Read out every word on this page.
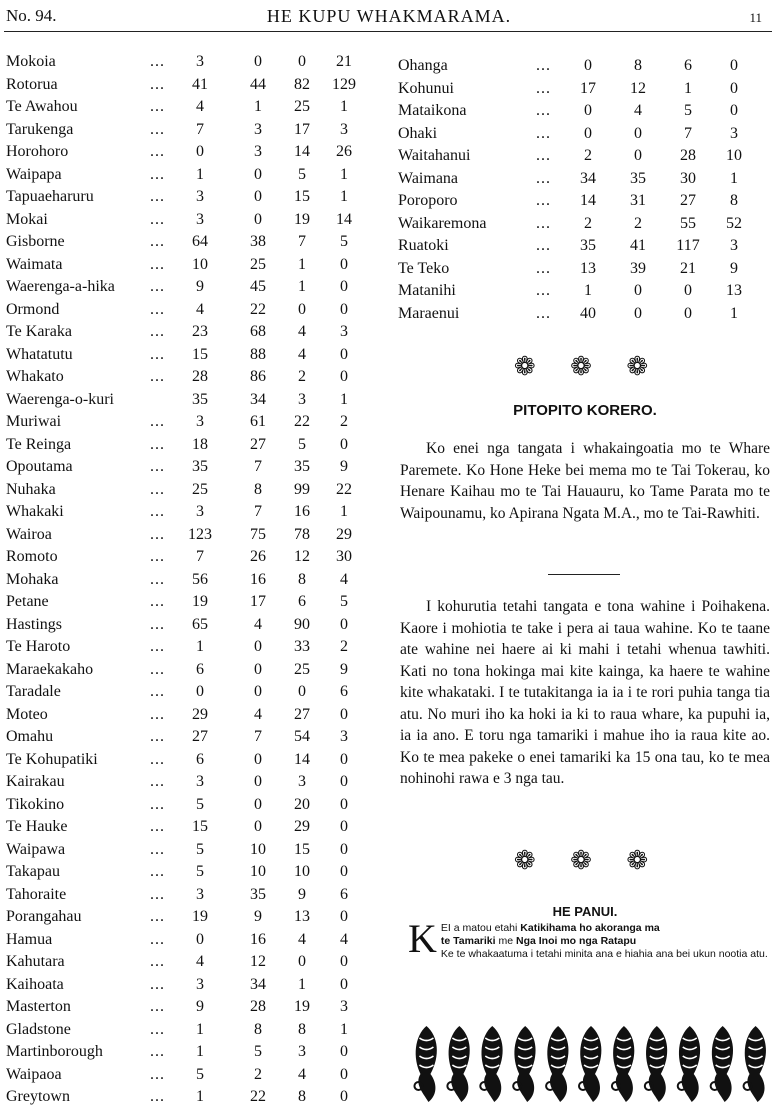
No. 94.	HE KUPU WHAKMARAMA.	11
Mokoia	...	3	0	0	21
Rotorua	...	41	44	82	129
Te Awahou	...	4	1	25	1
Tarukenga	...	7	3	17	3
Horohoro	...	0	3	14	26
Waipapa	...	1	0	5	1
Tapuaeharuru	...	3	0	15	1
Mokai	...	3	0	19	14
Gisborne	...	64	38	7	5
Waimata	...	10	25	1	0
Waerenga-a-hika ...	9	45	1	0
Ormond	...	4	22	0	0
Te Karaka	...	23	68	4	3
Whatatutu	...	15	88	4	0
Whakato	...	28	86	2	0
Waerenga-o-kuri	35	34	3	1
Muriwai	...	3	61	22	2
Te Reinga	...	18	27	5	0
Opoutama	...	35	7	35	9
Nuhaka	...	25	8	99	22
Whakaki	...	3	7	16	1
Wairoa	...	123	75	78	29
Romoto	...	7	26	12	30
Mohaka	...	56	16	8	4
Petane	...	19	17	6	5
Hastings	...	65	4	90	0
Te Haroto	...	1	0	33	2
Maraekakaho	...	6	0	25	9
Taradale	...	0	0	0	6
Moteo	...	29	4	27	0
Omahu	...	27	7	54	3
Te Kohupatiki	...	6	0	14	0
Kairakau	...	3	0	3	0
Tikokino	...	5	0	20	0
Te Hauke	...	15	0	29	0
Waipawa	...	5	10	15	0
Takapau	...	5	10	10	0
Tahoraite	...	3	35	9	6
Porangahau	...	19	9	13	0
Hamua	...	0	16	4	4
Kahutara	...	4	12	0	0
Kaihoata	...	3	34	1	0
Masterton	...	9	28	19	3
Gladstone	...	1	8	8	1
Martinborough	...	1	5	3	0
Waipaoa	...	5	2	4	0
Greytown	...	1	22	8	0
Ohanga	...	0	8	6	0
Kohunui	...	17	12	1	0
Mataikona	...	0	4	5	0
Ohaki	...	0	0	7	3
Waitahanui	...	2	0	28	10
Waimana	...	34	35	30	1
Poroporo	...	14	31	27	8
Waikaremona	...	2	2	55	52
Ruatoki	...	35	41	117	3
Te Teko	...	13	39	21	9
Matanihi	...	1	0	0	13
Maraenui	...	40	0	0	1
❁ ❁ ❁
PITOPITO KORERO.
Ko enei nga tangata i whakaingoatia mo te Whare Paremete. Ko Hone Heke bei mema mo te Tai Tokerau, ko Henare Kaihau mo te Tai Hauauru, ko Tame Parata mo te Waipounamu, ko Apirana Ngata M.A., mo te Tai-Rawhiti.
I kohurutia tetahi tangata e tona wahine i Poihakena. Kaore i mohiotia te take i pera ai taua wahine. Ko te taane ate wahine nei haere ai ki mahi i tetahi whenua tawhiti. Kati no tona hokinga mai kite kainga, ka haere te wahine kite whakataki. I te tutakitanga ia ia i te rori puhia tanga tia atu. No muri iho ka hoki ia ki to raua whare, ka pupuhi ia, ia ia ano. E toru nga tamariki i mahue iho ia raua kite ao. Ko te mea pakeke o enei tamariki ka 15 ona tau, ko te mea nohinohi rawa e 3 nga tau.
❁ ❁ ❁
HE PANUI.
K EI a matou etahi Katikihama ho akoranga ma
te Tamariki me Nga Inoi mo nga Ratapu
Ke te whakaatuma i tetahi minita ana e hiahia ana bei ukun nootia atu.
